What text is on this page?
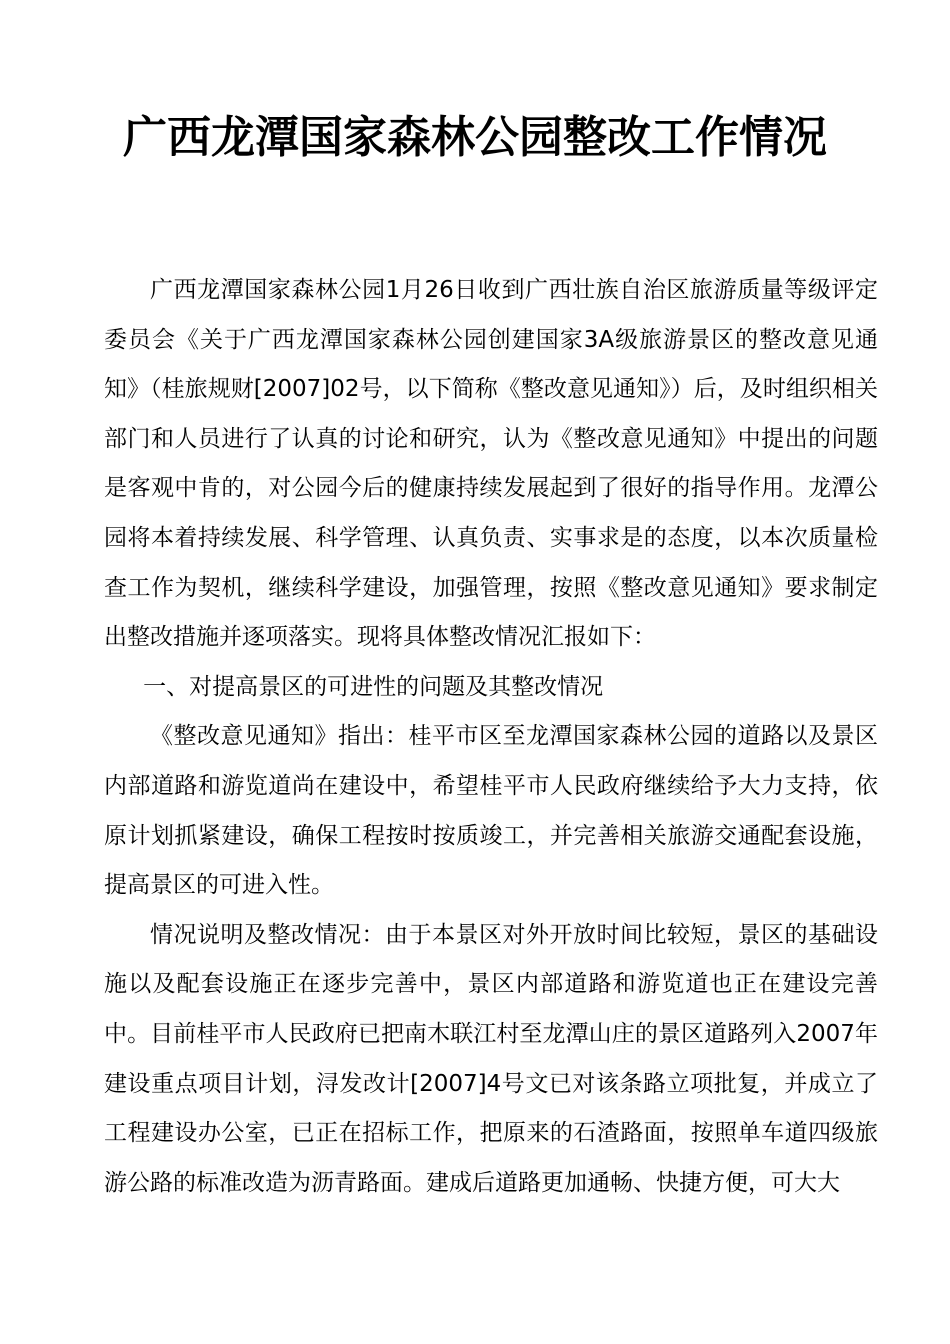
广西龙潭国家森林公园整改工作情况

广西龙潭国家森林公园1月26日收到广西壮族自治区旅游质量等级评定委员会《关于广西龙潭国家森林公园创建国家3A级旅游景区的整改意见通知》（桂旅规财[2007]02号，以下简称《整改意见通知》）后，及时组织相关部门和人员进行了认真的讨论和研究，认为《整改意见通知》中提出的问题是客观中肯的，对公园今后的健康持续发展起到了很好的指导作用。龙潭公园将本着持续发展、科学管理、认真负责、实事求是的态度，以本次质量检查工作为契机，继续科学建设，加强管理，按照《整改意见通知》要求制定出整改措施并逐项落实。现将具体整改情况汇报如下：

一、对提高景区的可进性的问题及其整改情况

《整改意见通知》指出：桂平市区至龙潭国家森林公园的道路以及景区内部道路和游览道尚在建设中，希望桂平市人民政府继续给予大力支持，依原计划抓紧建设，确保工程按时按质竣工，并完善相关旅游交通配套设施，提高景区的可进入性。

情况说明及整改情况：由于本景区对外开放时间比较短，景区的基础设施以及配套设施正在逐步完善中，景区内部道路和游览道也正在建设完善中。目前桂平市人民政府已把南木联江村至龙潭山庄的景区道路列入2007年建设重点项目计划，浔发改计[2007]4号文已对该条路立项批复，并成立了工程建设办公室，已正在招标工作，把原来的石渣路面，按照单车道四级旅游公路的标准改造为沥青路面。建成后道路更加通畅、快捷方便，可大大
